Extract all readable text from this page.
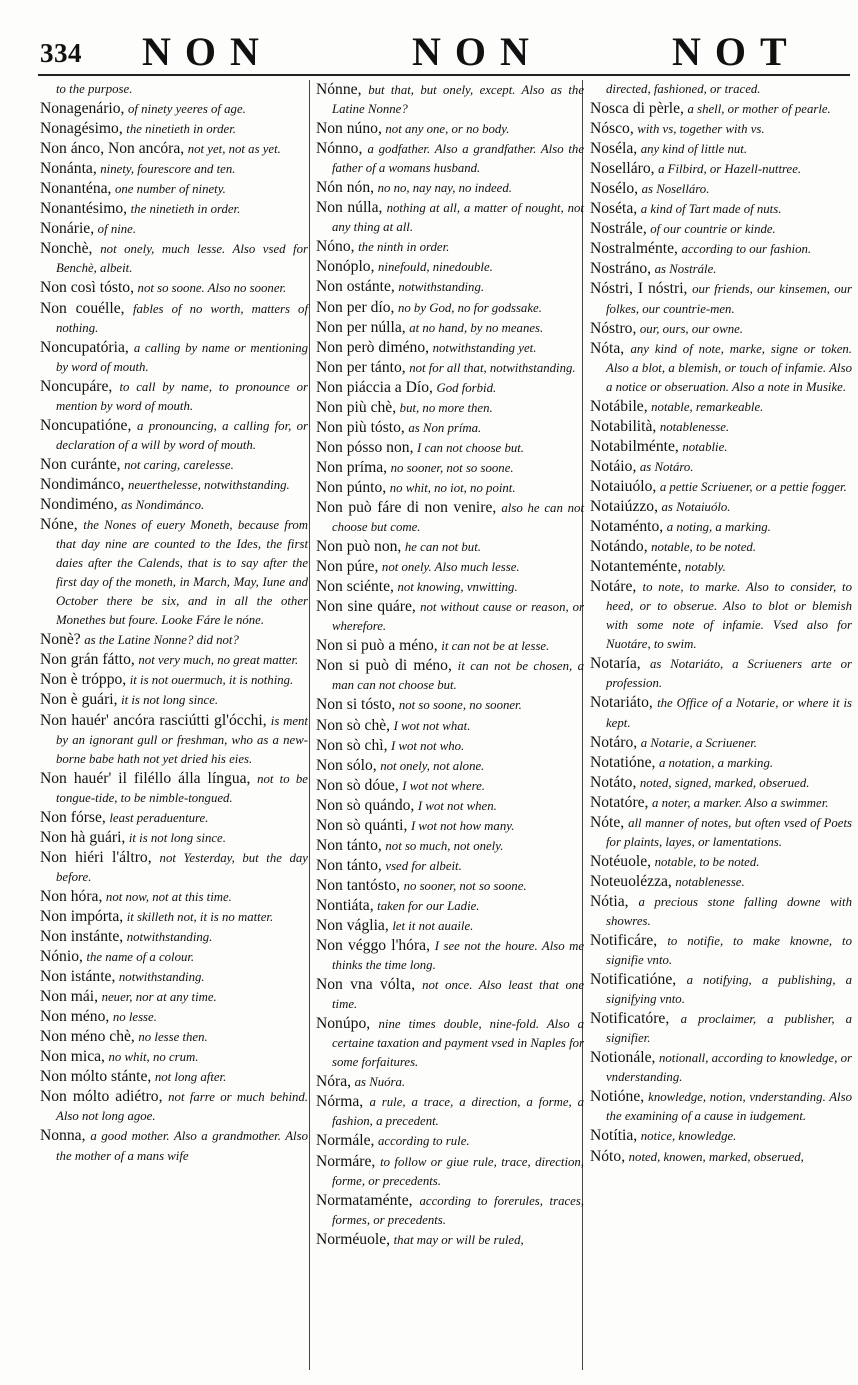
334 NON	NON	NOT

to the purpose.

Nonagenário, of ninety yeeres of age.

Nonagésimo, the ninetieth in order.

Non ánco, Non ancóra, not yet, not as yet.

Nonánta, ninety, fourescore and ten.

Nonanténa, one number of ninety.

Nonantésimo, the ninetieth in order.

Nonárie, of nine.

Nonchè, not onely, much lesse. Also vsed for Benchè, albeit.

Non così tósto, not so soone. Also no sooner.

Non couélle, fables of no worth, matters of nothing.

Noncupatória, a calling by name or mentioning by word of mouth.

Noncupáre, to call by name, to pronounce or mention by word of mouth.

Noncupatióne, a pronouncing, a calling for, or declaration of a will by word of mouth.

Non curánte, not caring, carelesse.

Nondimánco, neuerthelesse, notwithstanding.

Nondiméno, as Nondimánco.

Nóne, the Nones of euery Moneth, because from that day nine are counted to the Ides, the first daies after the Calends, that is to say after the first day of the moneth, in March, May, Iune and October there be six, and in all the other Monethes but foure. Looke Fáre le nóne.

Nonè? as the Latine Nonne? did not?

Non grán fátto, not very much, no great matter.

Non è tróppo, it is not ouermuch, it is nothing.

Non è guári, it is not long since.

Non hauér' ancóra rasciútti gl'ócchi, is ment by an ignorant gull or freshman, who as a new-borne babe hath not yet dried his eies.

Non hauér' il filéllo álla língua, not to be tongue-tide, to be nimble-tongued.

Non fórse, least peraduenture.

Non hà guári, it is not long since.

Non hiéri l'áltro, not Yesterday, but the day before.

Non hóra, not now, not at this time.

Non impórta, it skilleth not, it is no matter.

Non instánte, notwithstanding.

Nónio, the name of a colour.

Non istánte, notwithstanding.

Non mái, neuer, nor at any time.

Non méno, no lesse.

Non méno chè, no lesse then.

Non mica, no whit, no crum.

Non mólto stánte, not long after.

Non mólto adiétro, not farre or much behind. Also not long agoe.

Nonna, a good mother. Also a grandmother. Also the mother of a mans wife

Nónne, but that, but onely, except. Also as the Latine Nonne?

Non núno, not any one, or no body.

Nónno, a godfather. Also a grandfather. Also the father of a womans husband.

Nón nón, no no, nay nay, no indeed.

Non núlla, nothing at all, a matter of nought, not any thing at all.

Nóno, the ninth in order.

Nonóplo, ninefould, ninedouble.

Non ostánte, notwithstanding.

Non per dío, no by God, no for godssake.

Non per núlla, at no hand, by no meanes.

Non però diméno, notwithstanding yet.

Non per tánto, not for all that, notwithstanding.

Non piáccia a Dío, God forbid.

Non più chè, but, no more then.

Non più tósto, as Non príma.

Non pósso non, I can not choose but.

Non príma, no sooner, not so soone.

Non púnto, no whit, no iot, no point.

Non può fáre di non venire, also he can not choose but come.

Non può non, he can not but.

Non púre, not onely. Also much lesse.

Non sciénte, not knowing, vnwitting.

Non sine quáre, not without cause or reason, or wherefore.

Non si può a méno, it can not be at lesse.

Non si può di méno, it can not be chosen, a man can not choose but.

Non si tósto, not so soone, no sooner.

Non sò chè, I wot not what.

Non sò chì, I wot not who.

Non sólo, not onely, not alone.

Non sò dóue, I wot not where.

Non sò quándo, I wot not when.

Non sò quánti, I wot not how many.

Non tánto, not so much, not onely.

Non tánto, vsed for albeit.

Non tantósto, no sooner, not so soone.

Nontiáta, taken for our Ladie.

Non váglia, let it not auaile.

Non véggo l'hóra, I see not the houre. Also me thinks the time long.

Non vna vólta, not once. Also least that one time.

Nonúpo, nine times double, nine-fold. Also a certaine taxation and payment vsed in Naples for some forfaitures.

Nóra, as Nuóra.

Nórma, a rule, a trace, a direction, a forme, a fashion, a precedent.

Normále, according to rule.

Normáre, to follow or giue rule, trace, direction, forme, or precedents.

Normataménte, according to forerules, traces, formes, or precedents.

Norméuole, that may or will be ruled,

directed, fashioned, or traced.

Nosca di pèrle, a shell, or mother of pearle.

Nósco, with vs, together with vs.

Noséla, any kind of little nut.

Noselláro, a Filbird, or Hazell-nuttree.

Nosélo, as Noselláro.

Noséta, a kind of Tart made of nuts.

Nostrále, of our countrie or kinde.

Nostralménte, according to our fashion.

Nostráno, as Nostrále.

Nóstri, I nóstri, our friends, our kinsemen, our folkes, our countrie-men.

Nóstro, our, ours, our owne.

Nóta, any kind of note, marke, signe or token. Also a blot, a blemish, or touch of infamie. Also a notice or obseruation. Also a note in Musike.

Notábile, notable, remarkeable.

Notabilità, notablenesse.

Notabilménte, notablie.

Notáio, as Notáro.

Notaiuólo, a pettie Scriuener, or a pettie fogger.

Notaiúzzo, as Notaiuólo.

Notaménto, a noting, a marking.

Notándo, notable, to be noted.

Notanteménte, notably.

Notáre, to note, to marke. Also to consider, to heed, or to obserue. Also to blot or blemish with some note of infamie. Vsed also for Nuotáre, to swim.

Notaría, as Notariáto, a Scriueners arte or profession.

Notariáto, the Office of a Notarie, or where it is kept.

Notáro, a Notarie, a Scriuener.

Notatióne, a notation, a marking.

Notáto, noted, signed, marked, obserued.

Notatóre, a noter, a marker. Also a swimmer.

Nóte, all manner of notes, but often vsed of Poets for plaints, layes, or lamentations.

Notéuole, notable, to be noted.

Noteuolézza, notablenesse.

Nótia, a precious stone falling downe with showres.

Notificáre, to notifie, to make knowne, to signifie vnto.

Notificatióne, a notifying, a publishing, a signifying vnto.

Notificatóre, a proclaimer, a publisher, a signifier.

Notionále, notionall, according to knowledge, or vnderstanding.

Notióne, knowledge, notion, vnderstanding. Also the examining of a cause in iudgement.

Notítia, notice, knowledge.

Nóto, noted, knowen, marked, obserued,
